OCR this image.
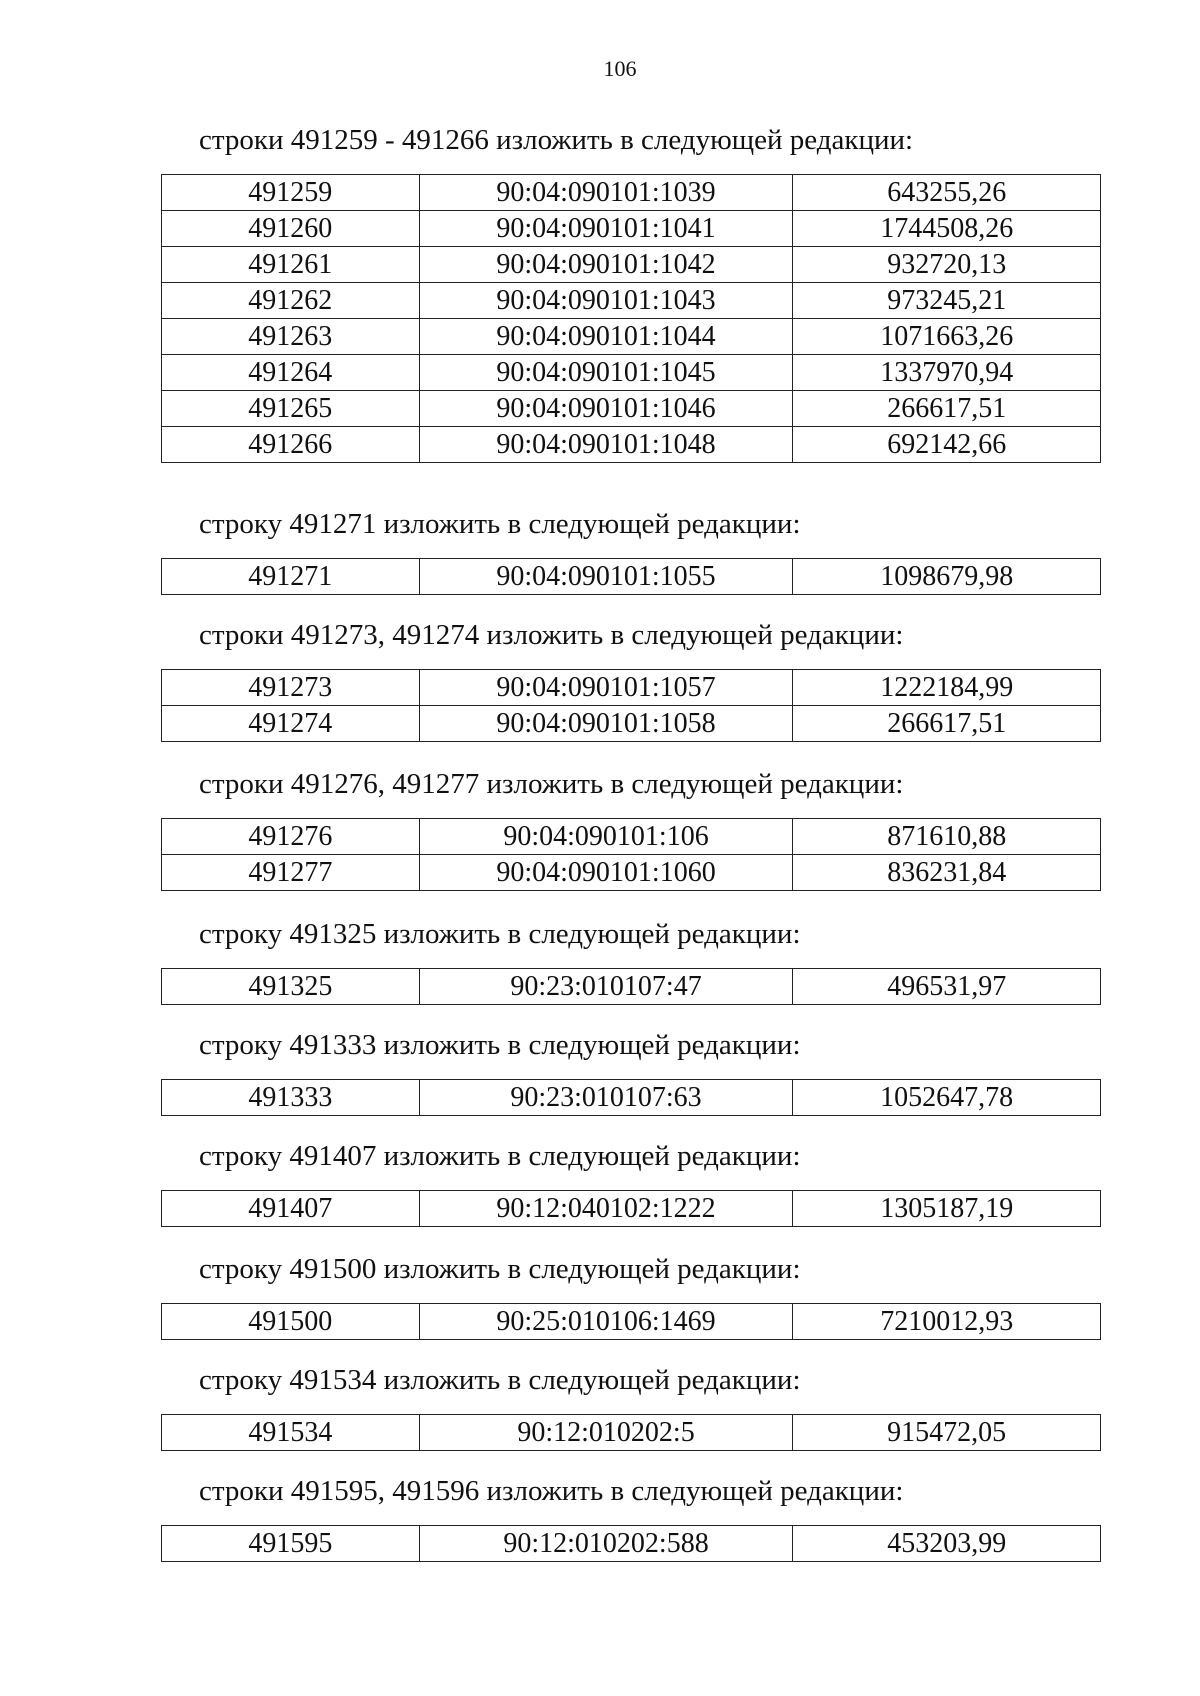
106

строки 491259 - 491266 изложить в следующей редакции:

491259	90:04:090101:1039	643255,26
491260	90:04:090101:1041	1744508,26
491261	90:04:090101:1042	932720,13
491262	90:04:090101:1043	973245,21
491263	90:04:090101:1044	1071663,26
491264	90:04:090101:1045	1337970,94
491265	90:04:090101:1046	266617,51
491266	90:04:090101:1048	692142,66

строку 491271 изложить в следующей редакции:

491271	90:04:090101:1055	1098679,98

строки 491273, 491274 изложить в следующей редакции:

491273	90:04:090101:1057	1222184,99
491274	90:04:090101:1058	266617,51

строки 491276, 491277 изложить в следующей редакции:

491276	90:04:090101:106	871610,88
491277	90:04:090101:1060	836231,84

строку 491325 изложить в следующей редакции:

491325	90:23:010107:47	496531,97

строку 491333 изложить в следующей редакции:

491333	90:23:010107:63	1052647,78

строку 491407 изложить в следующей редакции:

491407	90:12:040102:1222	1305187,19

строку 491500 изложить в следующей редакции:

491500	90:25:010106:1469	7210012,93

строку 491534 изложить в следующей редакции:

491534	90:12:010202:5	915472,05

строки 491595, 491596 изложить в следующей редакции:

491595	90:12:010202:588	453203,99
